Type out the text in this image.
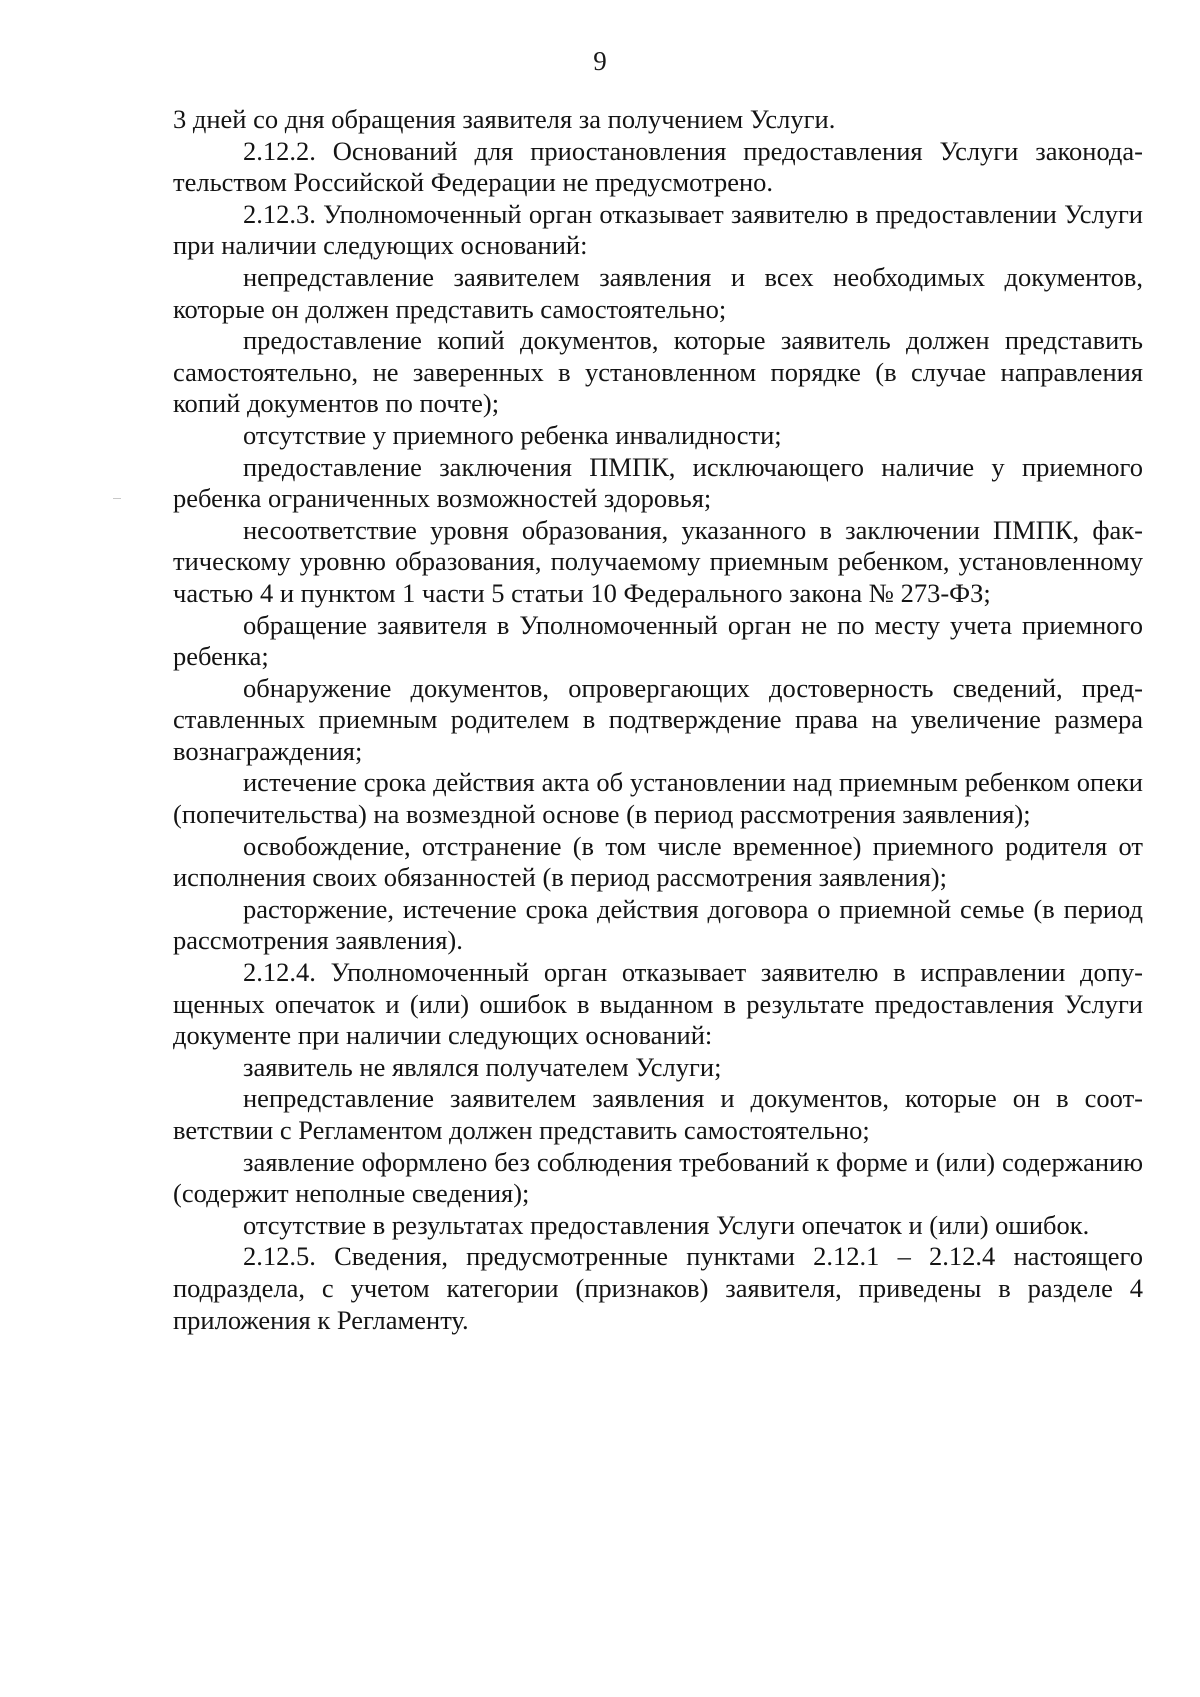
9

3 дней со дня обращения заявителя за получением Услуги.

2.12.2. Оснований для приостановления предоставления Услуги законодательством Российской Федерации не предусмотрено.

2.12.3. Уполномоченный орган отказывает заявителю в предоставлении Услуги при наличии следующих оснований:

непредставление заявителем заявления и всех необходимых документов, которые он должен представить самостоятельно;

предоставление копий документов, которые заявитель должен представить самостоятельно, не заверенных в установленном порядке (в случае направления копий документов по почте);

отсутствие у приемного ребенка инвалидности;

предоставление заключения ПМПК, исключающего наличие у приемного ребенка ограниченных возможностей здоровья;

несоответствие уровня образования, указанного в заключении ПМПК, фактическому уровню образования, получаемому приемным ребенком, установленному частью 4 и пунктом 1 части 5 статьи 10 Федерального закона № 273-ФЗ;

обращение заявителя в Уполномоченный орган не по месту учета приемного ребенка;

обнаружение документов, опровергающих достоверность сведений, представленных приемным родителем в подтверждение права на увеличение размера вознаграждения;

истечение срока действия акта об установлении над приемным ребенком опеки (попечительства) на возмездной основе (в период рассмотрения заявления);

освобождение, отстранение (в том числе временное) приемного родителя от исполнения своих обязанностей (в период рассмотрения заявления);

расторжение, истечение срока действия договора о приемной семье (в период рассмотрения заявления).

2.12.4. Уполномоченный орган отказывает заявителю в исправлении допущенных опечаток и (или) ошибок в выданном в результате предоставления Услуги документе при наличии следующих оснований:

заявитель не являлся получателем Услуги;

непредставление заявителем заявления и документов, которые он в соответствии с Регламентом должен представить самостоятельно;

заявление оформлено без соблюдения требований к форме и (или) содержанию (содержит неполные сведения);

отсутствие в результатах предоставления Услуги опечаток и (или) ошибок.

2.12.5. Сведения, предусмотренные пунктами 2.12.1 – 2.12.4 настоящего подраздела, с учетом категории (признаков) заявителя, приведены в разделе 4 приложения к Регламенту.
